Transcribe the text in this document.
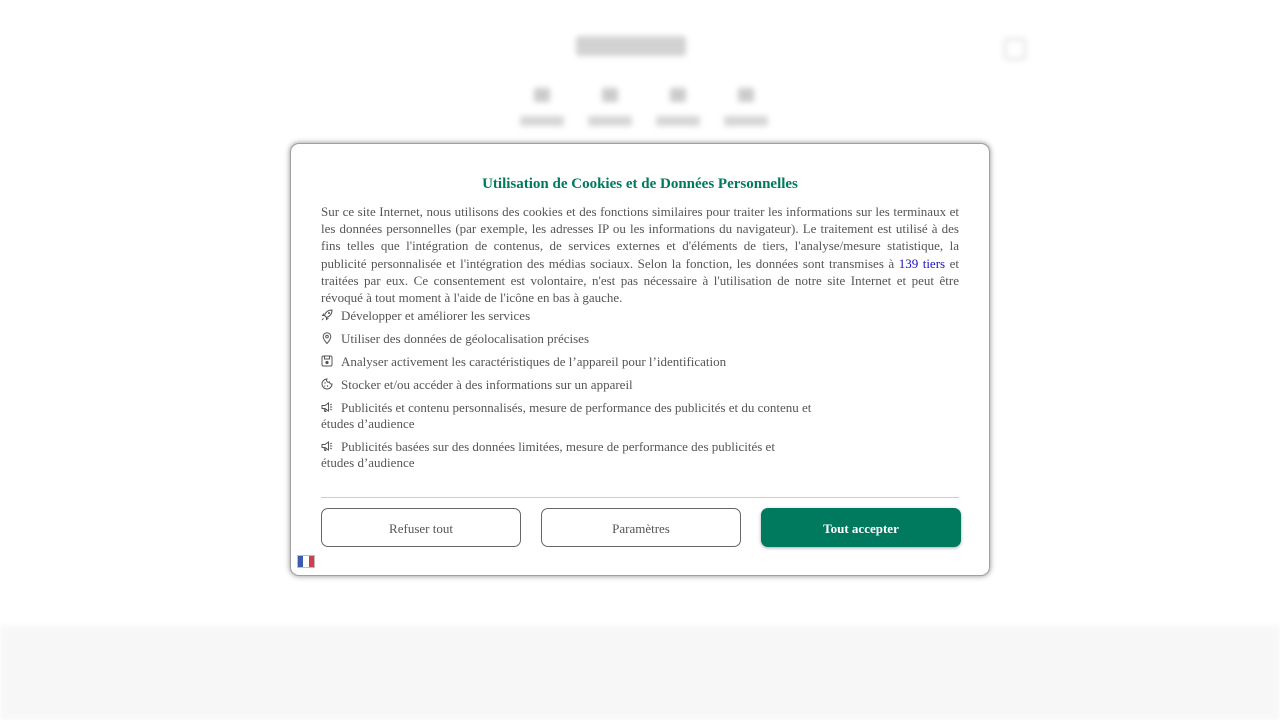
Utilisation de Cookies et de Données Personnelles
Sur ce site Internet, nous utilisons des cookies et des fonctions similaires pour traiter les informations sur les terminaux et les données personnelles (par exemple, les adresses IP ou les informations du navigateur). Le traitement est utilisé à des fins telles que l'intégration de contenus, de services externes et d'éléments de tiers, l'analyse/mesure statistique, la publicité personnalisée et l'intégration des médias sociaux. Selon la fonction, les données sont transmises à 139 tiers et traitées par eux. Ce consentement est volontaire, n'est pas nécessaire à l'utilisation de notre site Internet et peut être révoqué à tout moment à l'aide de l'icône en bas à gauche.
Développer et améliorer les services
Utiliser des données de géolocalisation précises
Analyser activement les caractéristiques de l’appareil pour l’identification
Stocker et/ou accéder à des informations sur un appareil
Publicités et contenu personnalisés, mesure de performance des publicités et du contenu et études d’audience
Publicités basées sur des données limitées, mesure de performance des publicités et études d’audience
Refuser tout	Paramètres	Tout accepter
